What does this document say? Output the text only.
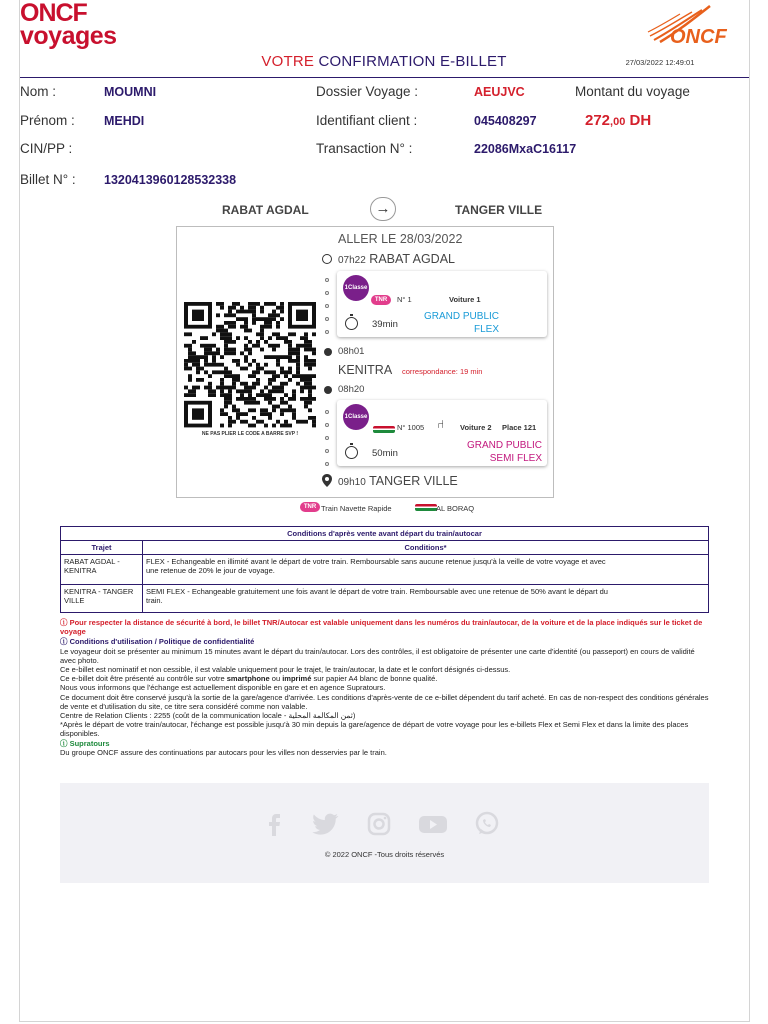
ONCF
voyages	ONCF
VOTRE CONFIRMATION E-BILLET	27/03/2022 12:49:01
Nom :	MOUMNI
Prénom : MEHDI
CIN/PP :
Billet N° : 1320413960128532338
Dossier Voyage :	AEUJVC	Montant du voyage
Identifiant client :	045408297	272,00 DH
Transaction N° :	22086MxaC16117
RABAT AGDAL	→	TANGER VILLE
ALLER LE 28/03/2022
07h22 RABAT AGDAL
1Classe
TNR	N° 1	Voiture 1
39min
GRAND PUBLIC
FLEX
08h01
KENITRA correspondance: 19 min
08h20
1Classe
N° 1005 ⑁ Voiture 2 Place 121
50min
GRAND PUBLIC
SEMI FLEX
09h10 TANGER VILLE
NE PAS PLIER LE CODE A BARRE SVP !
TNR Train Navette Rapide	AL BORAQ
Conditions d'après vente avant départ du train/autocar	
Trajet	Conditions*
RABAT AGDAL - KENITRA	FLEX - Echangeable en illimité avant le départ de votre train. Remboursable sans aucune retenue jusqu'à la veille de votre voyage et avec une retenue de 20% le jour de voyage.
KENITRA - TANGER VILLE	SEMI FLEX - Echangeable gratuitement une fois avant le départ de votre train. Remboursable avec une retenue de 50% avant le départ du train.

ⓘ Pour respecter la distance de sécurité à bord, le billet TNR/Autocar est valable uniquement dans les numéros du train/autocar, de la voiture et de la place indiqués sur le ticket de voyage

ⓘ Conditions d'utilisation / Politique de confidentialité

Le voyageur doit se présenter au minimum 15 minutes avant le départ du train/autocar. Lors des contrôles, il est obligatoire de présenter une carte d'identité (ou passeport) en cours de validité avec photo.

Ce e-billet est nominatif et non cessible, il est valable uniquement pour le trajet, le train/autocar, la date et le confort désignés ci-dessus.

Ce e-billet doit être présenté au contrôle sur votre smartphone ou imprimé sur papier A4 blanc de bonne qualité.

Nous vous informons que l'échange est actuellement disponible en gare et en agence Supratours.

Ce document doit être conservé jusqu'à la sortie de la gare/agence d'arrivée. Les conditions d'après-vente de ce e-billet dépendent du tarif acheté. En cas de non-respect des conditions générales de vente et d'utilisation du site, ce titre sera considéré comme non valable.

Centre de Relation Clients : 2255 (coût de la communication locale - ثمن المكالمة المحلية)

*Après le départ de votre train/autocar, l'échange est possible jusqu'à 30 min depuis la gare/agence de départ de votre voyage pour les e-billets Flex et Semi Flex et dans la limite des places disponibles.

ⓘ Supratours

Du groupe ONCF assure des continuations par autocars pour les villes non desservies par le train.

© 2022 ONCF -Tous droits réservés
